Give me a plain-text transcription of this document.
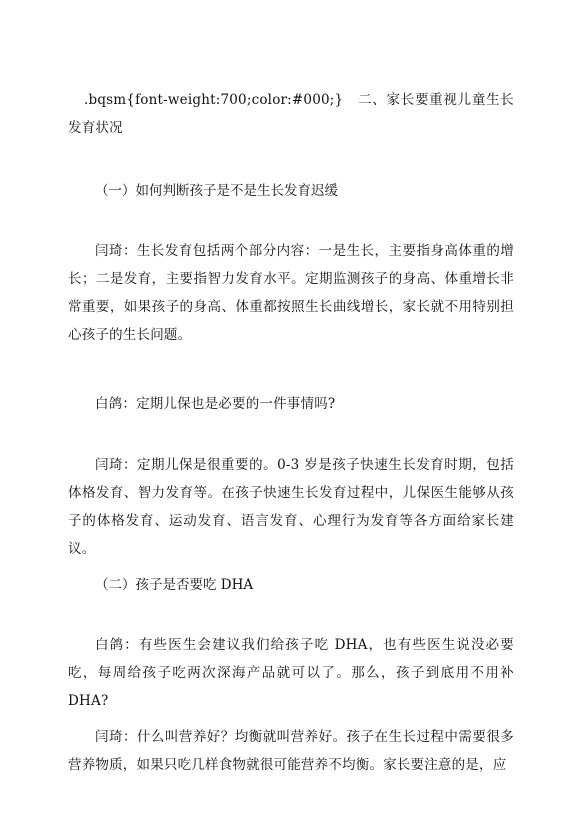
.bqsm{font-weight:700;color:#000;}　二、家长要重视儿童生长发育状况

（一）如何判断孩子是不是生长发育迟缓

闫琦：生长发育包括两个部分内容：一是生长，主要指身高体重的增长；二是发育，主要指智力发育水平。定期监测孩子的身高、体重增长非常重要，如果孩子的身高、体重都按照生长曲线增长，家长就不用特别担心孩子的生长问题。

白鸽：定期儿保也是必要的一件事情吗?

闫琦：定期儿保是很重要的。0-3 岁是孩子快速生长发育时期，包括体格发育、智力发育等。在孩子快速生长发育过程中，儿保医生能够从孩子的体格发育、运动发育、语言发育、心理行为发育等各方面给家长建议。

（二）孩子是否要吃 DHA

白鸽：有些医生会建议我们给孩子吃 DHA，也有些医生说没必要吃，每周给孩子吃两次深海产品就可以了。那么，孩子到底用不用补 DHA?

闫琦：什么叫营养好？均衡就叫营养好。孩子在生长过程中需要很多营养物质，如果只吃几样食物就很可能营养不均衡。家长要注意的是，应
